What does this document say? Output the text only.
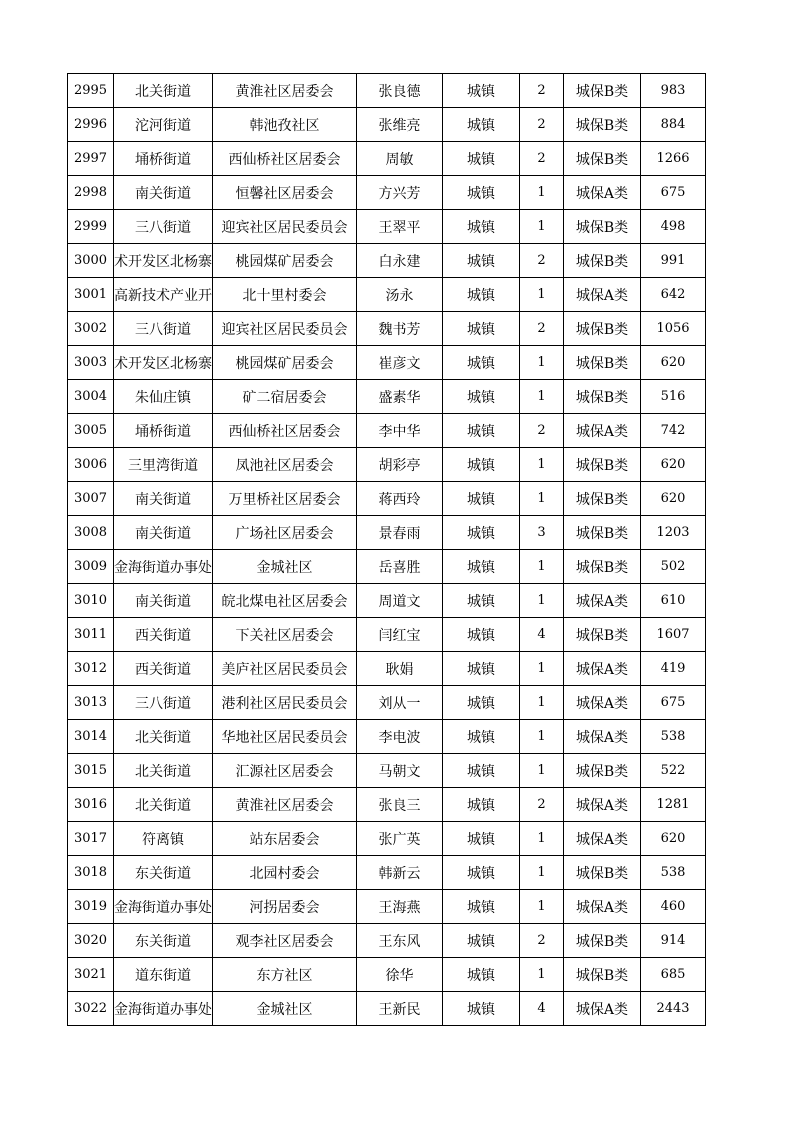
2995	北关街道	黄淮社区居委会	张良德	城镇	2	城保B类	983
2996	沱河街道	韩池孜社区	张维亮	城镇	2	城保B类	884
2997	埇桥街道	西仙桥社区居委会	周敏	城镇	2	城保B类	1266
2998	南关街道	恒馨社区居委会	方兴芳	城镇	1	城保A类	675
2999	三八街道	迎宾社区居民委员会	王翠平	城镇	1	城保B类	498
3000	术开发区北杨寨	桃园煤矿居委会	白永建	城镇	2	城保B类	991
3001	高新技术产业开	北十里村委会	汤永	城镇	1	城保A类	642
3002	三八街道	迎宾社区居民委员会	魏书芳	城镇	2	城保B类	1056
3003	术开发区北杨寨	桃园煤矿居委会	崔彦文	城镇	1	城保B类	620
3004	朱仙庄镇	矿二宿居委会	盛素华	城镇	1	城保B类	516
3005	埇桥街道	西仙桥社区居委会	李中华	城镇	2	城保A类	742
3006	三里湾街道	凤池社区居委会	胡彩亭	城镇	1	城保B类	620
3007	南关街道	万里桥社区居委会	蒋西玲	城镇	1	城保B类	620
3008	南关街道	广场社区居委会	景春雨	城镇	3	城保B类	1203
3009	金海街道办事处	金城社区	岳喜胜	城镇	1	城保B类	502
3010	南关街道	皖北煤电社区居委会	周道文	城镇	1	城保A类	610
3011	西关街道	下关社区居委会	闫红宝	城镇	4	城保B类	1607
3012	西关街道	美庐社区居民委员会	耿娟	城镇	1	城保A类	419
3013	三八街道	港利社区居民委员会	刘从一	城镇	1	城保A类	675
3014	北关街道	华地社区居民委员会	李电波	城镇	1	城保A类	538
3015	北关街道	汇源社区居委会	马朝文	城镇	1	城保B类	522
3016	北关街道	黄淮社区居委会	张良三	城镇	2	城保A类	1281
3017	符离镇	站东居委会	张广英	城镇	1	城保A类	620
3018	东关街道	北园村委会	韩新云	城镇	1	城保B类	538
3019	金海街道办事处	河拐居委会	王海燕	城镇	1	城保A类	460
3020	东关街道	观李社区居委会	王东风	城镇	2	城保B类	914
3021	道东街道	东方社区	徐华	城镇	1	城保B类	685
3022	金海街道办事处	金城社区	王新民	城镇	4	城保A类	2443
